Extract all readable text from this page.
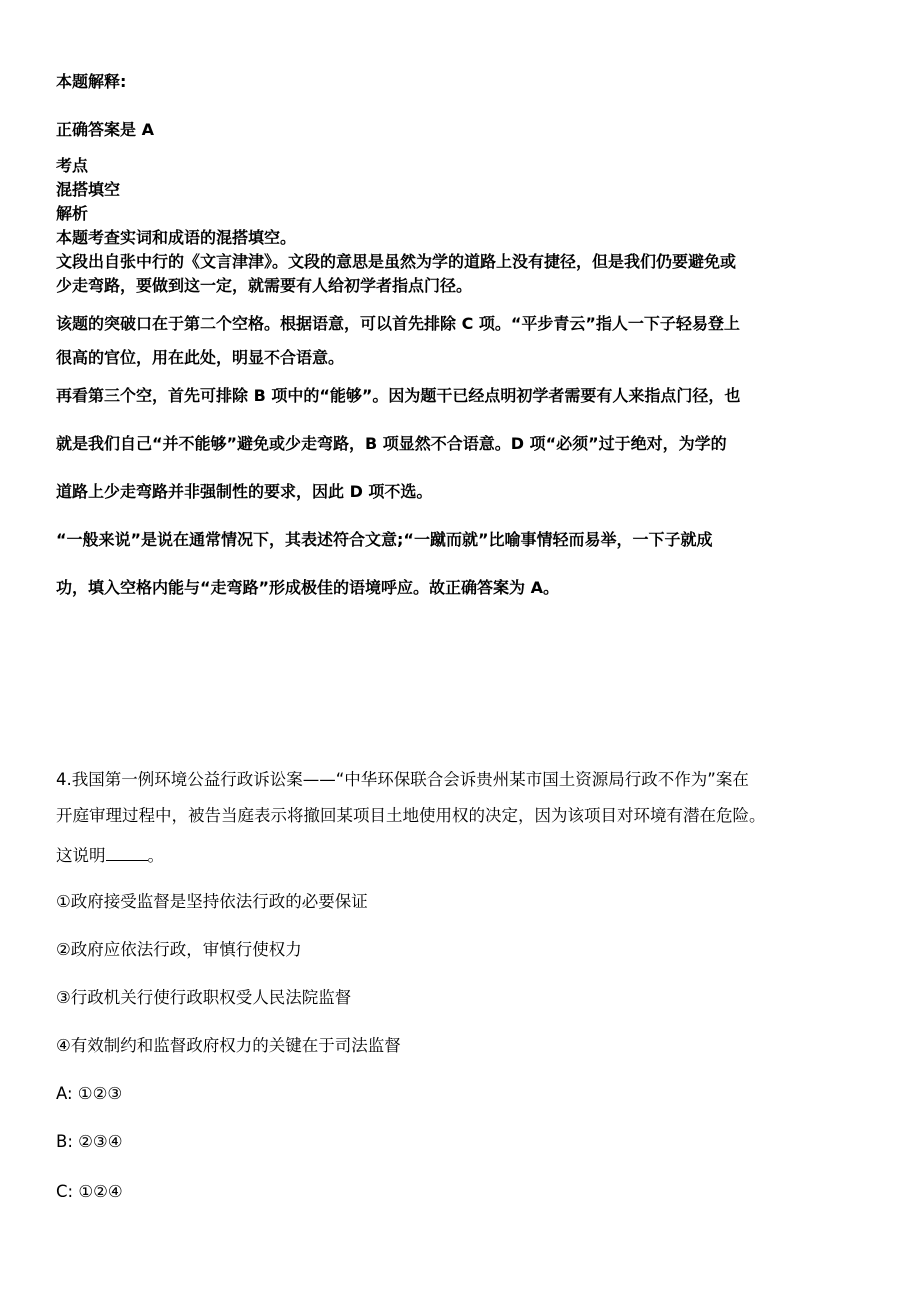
本题解释:
正确答案是 A
考点
混搭填空
解析
本题考查实词和成语的混搭填空。
文段出自张中行的《文言津津》。文段的意思是虽然为学的道路上没有捷径，但是我们仍要避免或
少走弯路，要做到这一定，就需要有人给初学者指点门径。
该题的突破口在于第二个空格。根据语意，可以首先排除 C 项。“平步青云”指人一下子轻易登上
很高的官位，用在此处，明显不合语意。
再看第三个空，首先可排除 B 项中的“能够”。因为题干已经点明初学者需要有人来指点门径，也
就是我们自己“并不能够”避免或少走弯路，B 项显然不合语意。D 项“必须”过于绝对，为学的
道路上少走弯路并非强制性的要求，因此 D 项不选。
“一般来说”是说在通常情况下，其表述符合文意;“一蹴而就”比喻事情轻而易举，一下子就成
功，填入空格内能与“走弯路”形成极佳的语境呼应。故正确答案为 A。
4.我国第一例环境公益行政诉讼案——“中华环保联合会诉贵州某市国土资源局行政不作为”案在
开庭审理过程中，被告当庭表示将撤回某项目土地使用权的决定，因为该项目对环境有潜在危险。
这说明	。
①政府接受监督是坚持依法行政的必要保证
②政府应依法行政，审慎行使权力
③行政机关行使行政职权受人民法院监督
④有效制约和监督政府权力的关键在于司法监督
A: ①②③
B: ②③④
C: ①②④
